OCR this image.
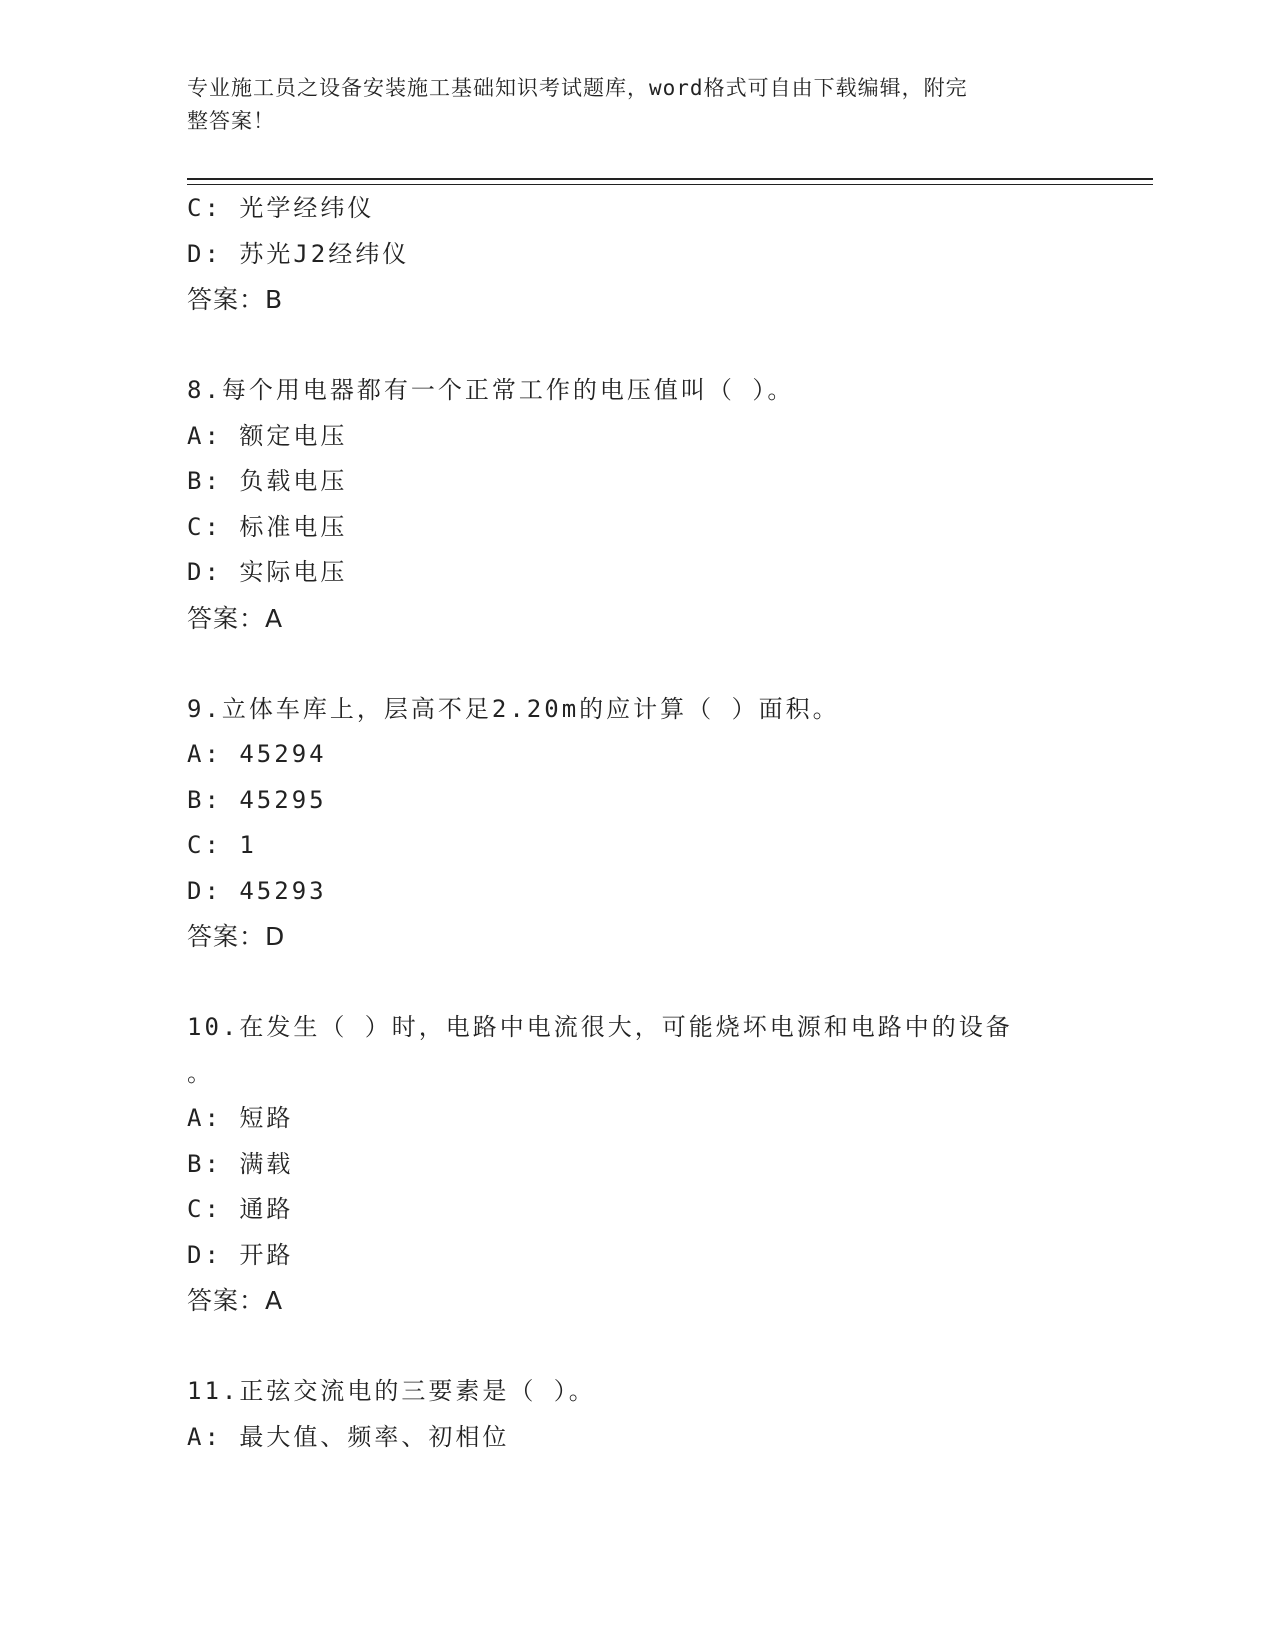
专业施工员之设备安装施工基础知识考试题库，word格式可自由下载编辑，附完
整答案！
C: 光学经纬仪
D: 苏光J2经纬仪
答案：B
8.每个用电器都有一个正常工作的电压值叫（ ）。
A: 额定电压
B: 负载电压
C: 标准电压
D: 实际电压
答案：A
9.立体车库上，层高不足2.20m的应计算（ ）面积。
A: 45294
B: 45295
C: 1
D: 45293
答案：D
10.在发生（ ）时，电路中电流很大，可能烧坏电源和电路中的设备
。
A: 短路
B: 满载
C: 通路
D: 开路
答案：A
11.正弦交流电的三要素是（ ）。
A: 最大值、频率、初相位
